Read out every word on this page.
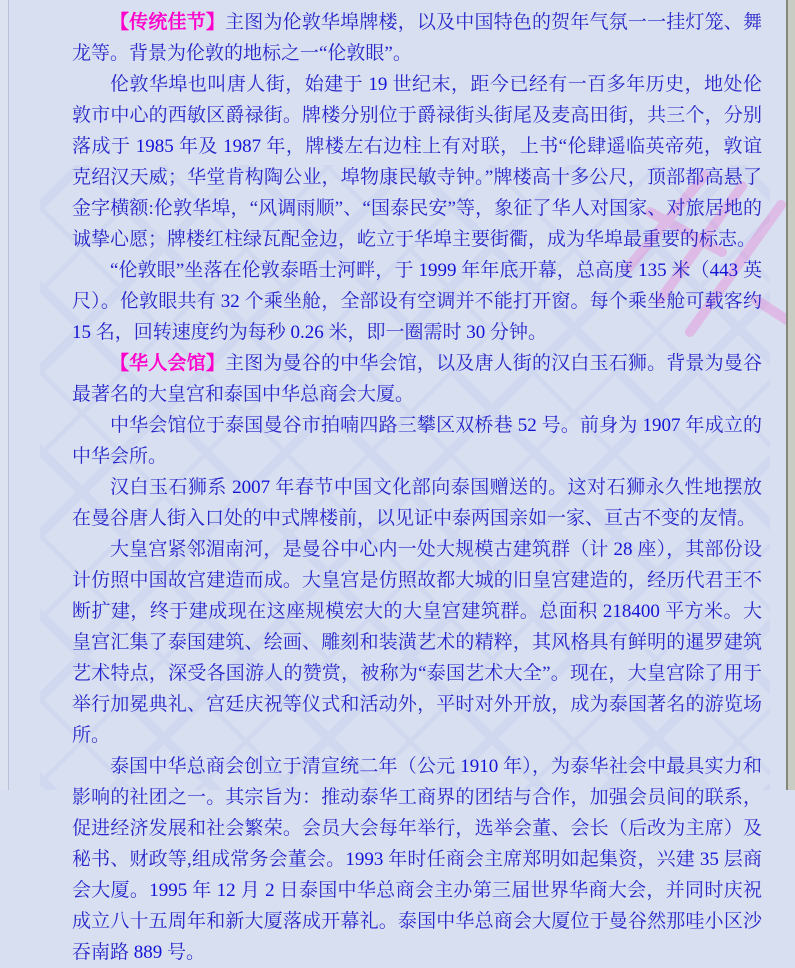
【传统佳节】主图为伦敦华埠牌楼，以及中国特色的贺年气氛一一挂灯笼、舞龙等。背景为伦敦的地标之一“伦敦眼”。

伦敦华埠也叫唐人街，始建于 19 世纪末，距今已经有一百多年历史，地处伦敦市中心的西敏区爵禄街。牌楼分别位于爵禄街头街尾及麦高田街，共三个，分别落成于 1985 年及 1987 年，牌楼左右边柱上有对联，上书“伦肆遥临英帝苑，敦谊克绍汉天威；华堂肯构陶公业，埠物康民敏寺钟。”牌楼高十多公尺，顶部都高悬了金字横额:伦敦华埠，“风调雨顺”、“国泰民安”等，象征了华人对国家、对旅居地的诚挚心愿；牌楼红柱绿瓦配金边，屹立于华埠主要街衢，成为华埠最重要的标志。

“伦敦眼”坐落在伦敦泰晤士河畔，于 1999 年年底开幕，总高度 135 米（443 英尺）。伦敦眼共有 32 个乘坐舱，全部设有空调并不能打开窗。每个乘坐舱可载客约 15 名，回转速度约为每秒 0.26 米，即一圈需时 30 分钟。

【华人会馆】主图为曼谷的中华会馆，以及唐人街的汉白玉石狮。背景为曼谷最著名的大皇宫和泰国中华总商会大厦。

中华会馆位于泰国曼谷市拍喃四路三攀区双桥巷 52 号。前身为 1907 年成立的中华会所。

汉白玉石狮系 2007 年春节中国文化部向泰国赠送的。这对石狮永久性地摆放在曼谷唐人街入口处的中式牌楼前，以见证中泰两国亲如一家、亘古不变的友情。

大皇宫紧邻湄南河，是曼谷中心内一处大规模古建筑群（计 28 座），其部份设计仿照中国故宫建造而成。大皇宫是仿照故都大城的旧皇宫建造的，经历代君王不断扩建，终于建成现在这座规模宏大的大皇宫建筑群。总面积 218400 平方米。大皇宫汇集了泰国建筑、绘画、雕刻和装潢艺术的精粹，其风格具有鲜明的暹罗建筑艺术特点，深受各国游人的赞赏，被称为“泰国艺术大全”。现在，大皇宫除了用于举行加冕典礼、宫廷庆祝等仪式和活动外，平时对外开放，成为泰国著名的游览场所。

泰国中华总商会创立于清宣统二年（公元 1910 年），为泰华社会中最具实力和影响的社团之一。其宗旨为：推动泰华工商界的团结与合作，加强会员间的联系，促进经济发展和社会繁荣。会员大会每年举行，选举会董、会长（后改为主席）及秘书、财政等,组成常务会董会。1993 年时任商会主席郑明如起集资，兴建 35 层商会大厦。1995 年 12 月 2 日泰国中华总商会主办第三届世界华商大会，并同时庆祝成立八十五周年和新大厦落成开幕礼。泰国中华总商会大厦位于曼谷然那哇小区沙吞南路 889 号。
